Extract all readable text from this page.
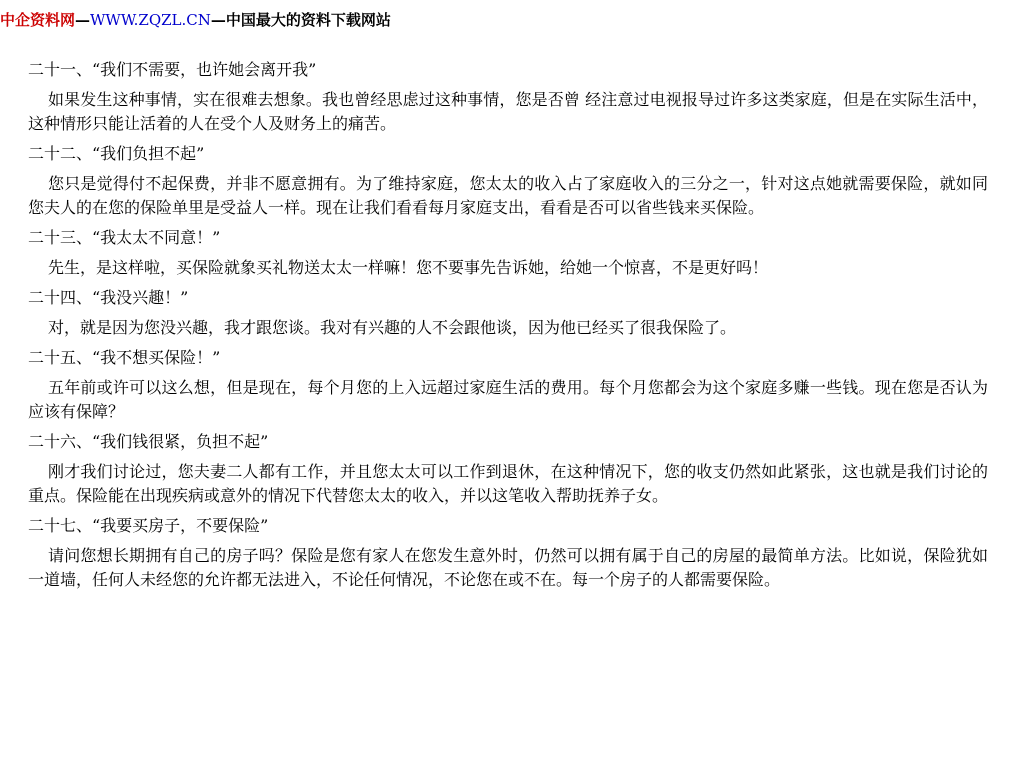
中企资料网—WWW.ZQZL.CN—中国最大的资料下载网站

二十一、“我们不需要，也许她会离开我”

如果发生这种事情，实在很难去想象。我也曾经思虑过这种事情，您是否曾 经注意过电视报导过许多这类家庭，但是在实际生活中，这种情形只能让活着的人在受个人及财务上的痛苦。

二十二、“我们负担不起”

您只是觉得付不起保费，并非不愿意拥有。为了维持家庭，您太太的收入占了家庭收入的三分之一，针对这点她就需要保险，就如同您夫人的在您的保险单里是受益人一样。现在让我们看看每月家庭支出，看看是否可以省些钱来买保险。

二十三、“我太太不同意！”

先生，是这样啦，买保险就象买礼物送太太一样嘛！您不要事先告诉她，给她一个惊喜，不是更好吗！

二十四、“我没兴趣！”

对，就是因为您没兴趣，我才跟您谈。我对有兴趣的人不会跟他谈，因为他已经买了很我保险了。

二十五、“我不想买保险！”

五年前或许可以这么想，但是现在，每个月您的上入远超过家庭生活的费用。每个月您都会为这个家庭多赚一些钱。现在您是否认为应该有保障？

二十六、“我们钱很紧，负担不起”

刚才我们讨论过，您夫妻二人都有工作，并且您太太可以工作到退休，在这种情况下，您的收支仍然如此紧张，这也就是我们讨论的重点。保险能在出现疾病或意外的情况下代替您太太的收入，并以这笔收入帮助抚养子女。

二十七、“我要买房子，不要保险”

请问您想长期拥有自己的房子吗？保险是您有家人在您发生意外时，仍然可以拥有属于自己的房屋的最简单方法。比如说，保险犹如一道墙，任何人未经您的允许都无法进入，不论任何情况，不论您在或不在。每一个房子的人都需要保险。
